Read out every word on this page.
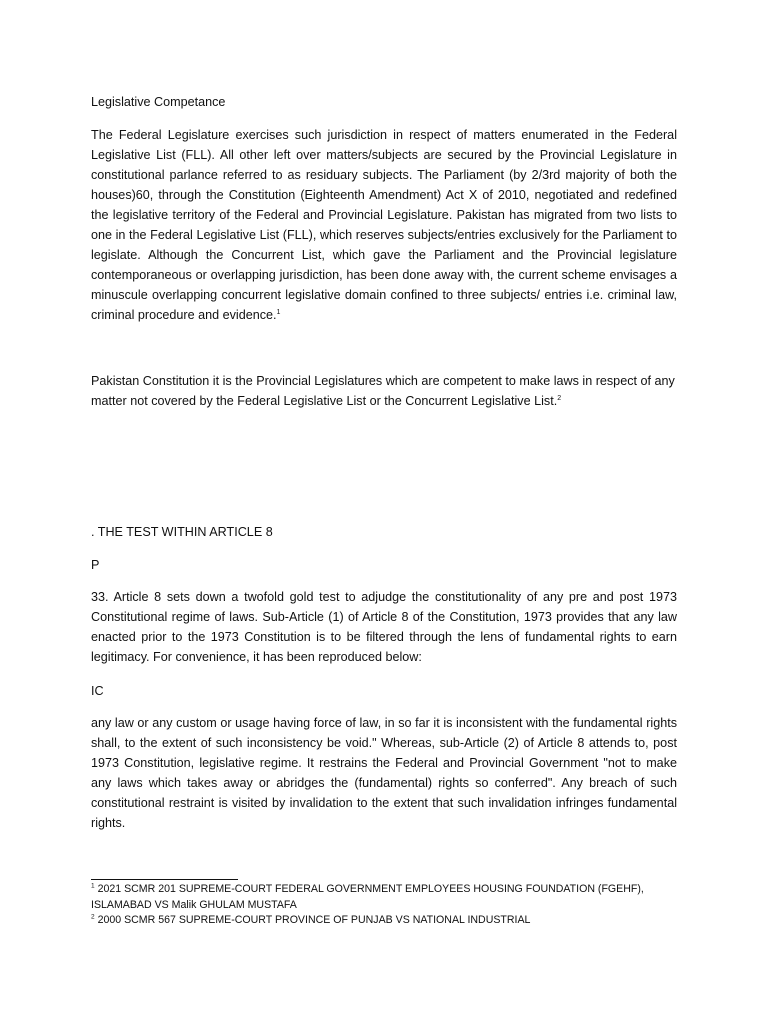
Legislative Competance

The Federal Legislature exercises such jurisdiction in respect of matters enumerated in the Federal Legislative List (FLL). All other left over matters/subjects are secured by the Provincial Legislature in constitutional parlance referred to as residuary subjects. The Parliament (by 2/3rd majority of both the houses)60, through the Constitution (Eighteenth Amendment) Act X of 2010, negotiated and redefined the legislative territory of the Federal and Provincial Legislature. Pakistan has migrated from two lists to one in the Federal Legislative List (FLL), which reserves subjects/entries exclusively for the Parliament to legislate. Although the Concurrent List, which gave the Parliament and the Provincial legislature contemporaneous or overlapping jurisdiction, has been done away with, the current scheme envisages a minuscule overlapping concurrent legislative domain confined to three subjects/ entries i.e. criminal law, criminal procedure and evidence.$^1$

Pakistan Constitution it is the Provincial Legislatures which are competent to make laws in respect of any matter not covered by the Federal Legislative List or the Concurrent Legislative List.$^2$

. THE TEST WITHIN ARTICLE 8

P

33. Article 8 sets down a twofold gold test to adjudge the constitutionality of any pre and post 1973 Constitutional regime of laws. Sub-Article (1) of Article 8 of the Constitution, 1973 provides that any law enacted prior to the 1973 Constitution is to be filtered through the lens of fundamental rights to earn legitimacy. For convenience, it has been reproduced below:

IC

any law or any custom or usage having force of law, in so far it is inconsistent with the fundamental rights shall, to the extent of such inconsistency be void." Whereas, sub-Article (2) of Article 8 attends to, post 1973 Constitution, legislative regime. It restrains the Federal and Provincial Government "not to make any laws which takes away or abridges the (fundamental) rights so conferred". Any breach of such constitutional restraint is visited by invalidation to the extent that such invalidation infringes fundamental rights.

$^1$ 2021 SCMR 201 SUPREME-COURT FEDERAL GOVERNMENT EMPLOYEES HOUSING FOUNDATION (FGEHF), ISLAMABAD VS Malik GHULAM MUSTAFA

$^2$ 2000 SCMR 567 SUPREME-COURT PROVINCE OF PUNJAB VS NATIONAL INDUSTRIAL
